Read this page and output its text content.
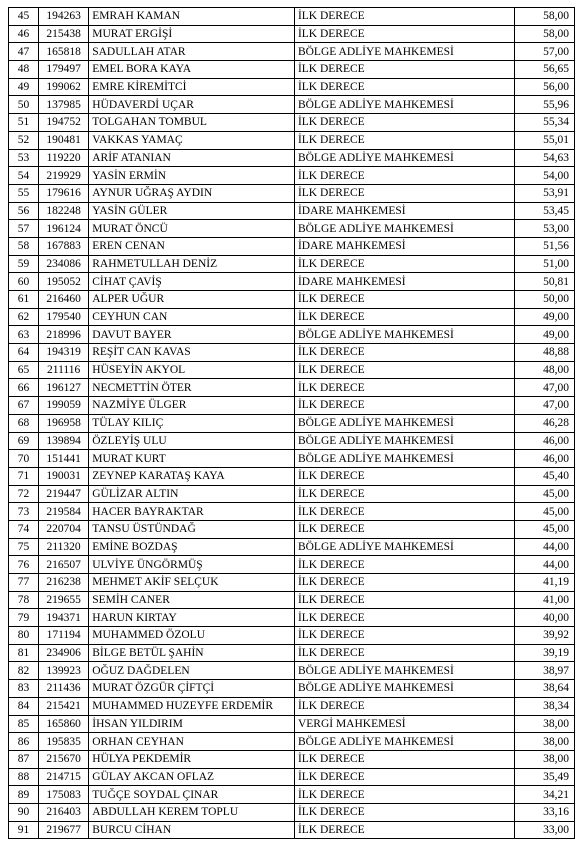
45	194263	EMRAH KAMAN	İLK DERECE	58,00
46	215438	MURAT ERGİŞİ	İLK DERECE	58,00
47	165818	SADULLAH ATAR	BÖLGE ADLİYE MAHKEMESİ	57,00
48	179497	EMEL BORA KAYA	İLK DERECE	56,65
49	199062	EMRE KİREMİTCİ	İLK DERECE	56,00
50	137985	HÜDAVERDİ UÇAR	BÖLGE ADLİYE MAHKEMESİ	55,96
51	194752	TOLGAHAN TOMBUL	İLK DERECE	55,34
52	190481	VAKKAS YAMAÇ	İLK DERECE	55,01
53	119220	ARİF ATANIAN	BÖLGE ADLİYE MAHKEMESİ	54,63
54	219929	YASİN ERMİN	İLK DERECE	54,00
55	179616	AYNUR UĞRAŞ AYDIN	İLK DERECE	53,91
56	182248	YASİN GÜLER	İDARE MAHKEMESİ	53,45
57	196124	MURAT ÖNCÜ	BÖLGE ADLİYE MAHKEMESİ	53,00
58	167883	EREN CENAN	İDARE MAHKEMESİ	51,56
59	234086	RAHMETULLAH DENİZ	İLK DERECE	51,00
60	195052	CİHAT ÇAVİŞ	İDARE MAHKEMESİ	50,81
61	216460	ALPER UĞUR	İLK DERECE	50,00
62	179540	CEYHUN CAN	İLK DERECE	49,00
63	218996	DAVUT BAYER	BÖLGE ADLİYE MAHKEMESİ	49,00
64	194319	REŞİT CAN KAVAS	İLK DERECE	48,88
65	211116	HÜSEYİN AKYOL	İLK DERECE	48,00
66	196127	NECMETTİN ÖTER	İLK DERECE	47,00
67	199059	NAZMİYE ÜLGER	İLK DERECE	47,00
68	196958	TÜLAY KILIÇ	BÖLGE ADLİYE MAHKEMESİ	46,28
69	139894	ÖZLEYİŞ ULU	BÖLGE ADLİYE MAHKEMESİ	46,00
70	151441	MURAT KURT	BÖLGE ADLİYE MAHKEMESİ	46,00
71	190031	ZEYNEP KARATAŞ KAYA	İLK DERECE	45,40
72	219447	GÜLİZAR ALTIN	İLK DERECE	45,00
73	219584	HACER BAYRAKTAR	İLK DERECE	45,00
74	220704	TANSU ÜSTÜNDAĞ	İLK DERECE	45,00
75	211320	EMİNE BOZDAŞ	BÖLGE ADLİYE MAHKEMESİ	44,00
76	216507	ULVİYE ÜNGÖRMÜŞ	İLK DERECE	44,00
77	216238	MEHMET AKİF SELÇUK	İLK DERECE	41,19
78	219655	SEMİH CANER	İLK DERECE	41,00
79	194371	HARUN KIRTAY	İLK DERECE	40,00
80	171194	MUHAMMED ÖZOLU	İLK DERECE	39,92
81	234906	BİLGE BETÜL ŞAHİN	İLK DERECE	39,19
82	139923	OĞUZ DAĞDELEN	BÖLGE ADLİYE MAHKEMESİ	38,97
83	211436	MURAT ÖZGÜR ÇİFTÇİ	BÖLGE ADLİYE MAHKEMESİ	38,64
84	215421	MUHAMMED HUZEYFE ERDEMİR	İLK DERECE	38,34
85	165860	İHSAN YILDIRIM	VERGİ MAHKEMESİ	38,00
86	195835	ORHAN CEYHAN	BÖLGE ADLİYE MAHKEMESİ	38,00
87	215670	HÜLYA PEKDEMİR	İLK DERECE	38,00
88	214715	GÜLAY AKCAN OFLAZ	İLK DERECE	35,49
89	175083	TUĞÇE SOYDAL ÇINAR	İLK DERECE	34,21
90	216403	ABDULLAH KEREM TOPLU	İLK DERECE	33,16
91	219677	BURCU CİHAN	İLK DERECE	33,00
